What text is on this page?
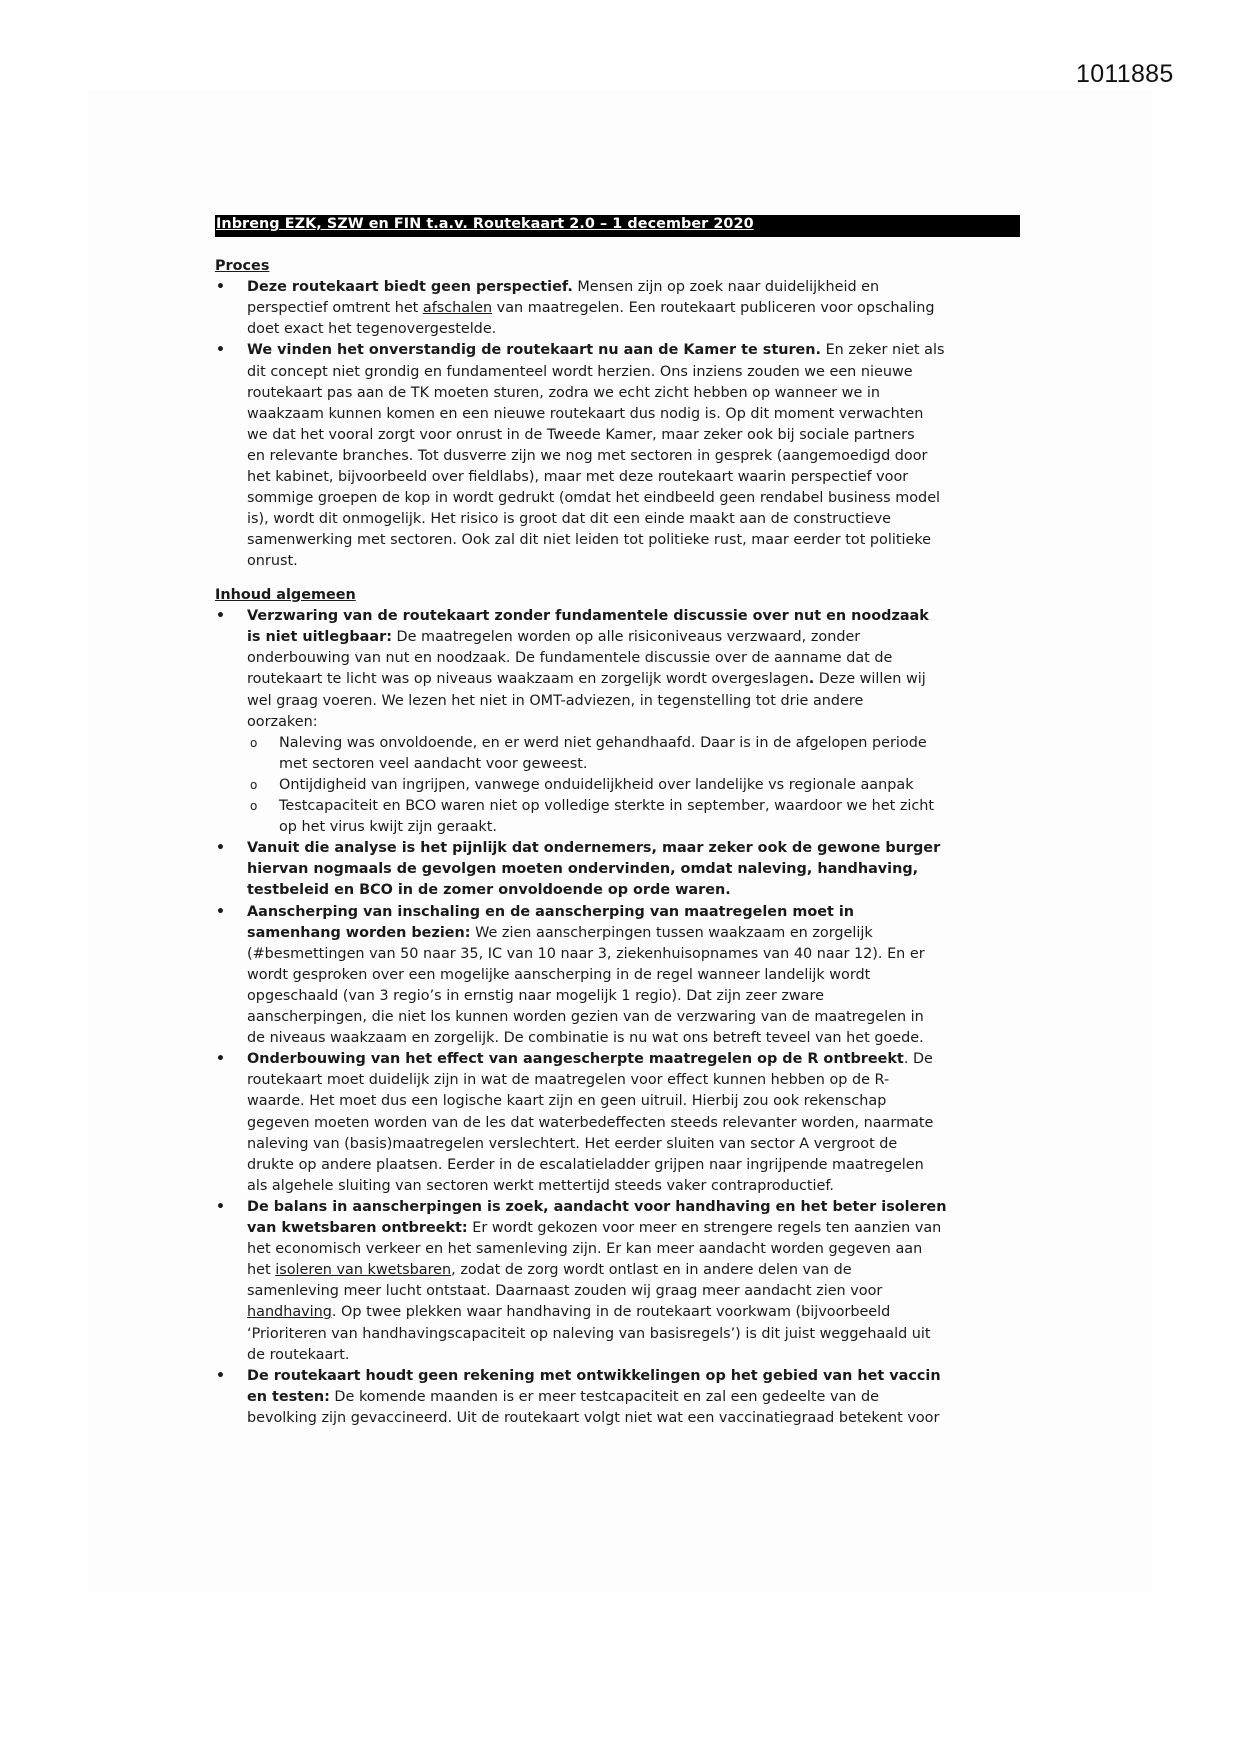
1011885
Inbreng EZK, SZW en FIN t.a.v. Routekaart 2.0 – 1 december 2020
Proces
• Deze routekaart biedt geen perspectief. Mensen zijn op zoek naar duidelijkheid en
perspectief omtrent het afschalen van maatregelen. Een routekaart publiceren voor opschaling
doet exact het tegenovergestelde.
• We vinden het onverstandig de routekaart nu aan de Kamer te sturen. En zeker niet als
dit concept niet grondig en fundamenteel wordt herzien. Ons inziens zouden we een nieuwe
routekaart pas aan de TK moeten sturen, zodra we echt zicht hebben op wanneer we in
waakzaam kunnen komen en een nieuwe routekaart dus nodig is. Op dit moment verwachten
we dat het vooral zorgt voor onrust in de Tweede Kamer, maar zeker ook bij sociale partners
en relevante branches. Tot dusverre zijn we nog met sectoren in gesprek (aangemoedigd door
het kabinet, bijvoorbeeld over fieldlabs), maar met deze routekaart waarin perspectief voor
sommige groepen de kop in wordt gedrukt (omdat het eindbeeld geen rendabel business model
is), wordt dit onmogelijk. Het risico is groot dat dit een einde maakt aan de constructieve
samenwerking met sectoren. Ook zal dit niet leiden tot politieke rust, maar eerder tot politieke
onrust.
Inhoud algemeen
• Verzwaring van de routekaart zonder fundamentele discussie over nut en noodzaak
is niet uitlegbaar: De maatregelen worden op alle risiconiveaus verzwaard, zonder
onderbouwing van nut en noodzaak. De fundamentele discussie over de aanname dat de
routekaart te licht was op niveaus waakzaam en zorgelijk wordt overgeslagen. Deze willen wij
wel graag voeren. We lezen het niet in OMT-adviezen, in tegenstelling tot drie andere
oorzaken:
o Naleving was onvoldoende, en er werd niet gehandhaafd. Daar is in de afgelopen periode
met sectoren veel aandacht voor geweest.
o Ontijdigheid van ingrijpen, vanwege onduidelijkheid over landelijke vs regionale aanpak
o Testcapaciteit en BCO waren niet op volledige sterkte in september, waardoor we het zicht
op het virus kwijt zijn geraakt.
• Vanuit die analyse is het pijnlijk dat ondernemers, maar zeker ook de gewone burger
hiervan nogmaals de gevolgen moeten ondervinden, omdat naleving, handhaving,
testbeleid en BCO in de zomer onvoldoende op orde waren.
• Aanscherping van inschaling en de aanscherping van maatregelen moet in
samenhang worden bezien: We zien aanscherpingen tussen waakzaam en zorgelijk
(#besmettingen van 50 naar 35, IC van 10 naar 3, ziekenhuisopnames van 40 naar 12). En er
wordt gesproken over een mogelijke aanscherping in de regel wanneer landelijk wordt
opgeschaald (van 3 regio’s in ernstig naar mogelijk 1 regio). Dat zijn zeer zware
aanscherpingen, die niet los kunnen worden gezien van de verzwaring van de maatregelen in
de niveaus waakzaam en zorgelijk. De combinatie is nu wat ons betreft teveel van het goede.
• Onderbouwing van het effect van aangescherpte maatregelen op de R ontbreekt. De
routekaart moet duidelijk zijn in wat de maatregelen voor effect kunnen hebben op de R-
waarde. Het moet dus een logische kaart zijn en geen uitruil. Hierbij zou ook rekenschap
gegeven moeten worden van de les dat waterbedeffecten steeds relevanter worden, naarmate
naleving van (basis)maatregelen verslechtert. Het eerder sluiten van sector A vergroot de
drukte op andere plaatsen. Eerder in de escalatieladder grijpen naar ingrijpende maatregelen
als algehele sluiting van sectoren werkt mettertijd steeds vaker contraproductief.
• De balans in aanscherpingen is zoek, aandacht voor handhaving en het beter isoleren
van kwetsbaren ontbreekt: Er wordt gekozen voor meer en strengere regels ten aanzien van
het economisch verkeer en het samenleving zijn. Er kan meer aandacht worden gegeven aan
het isoleren van kwetsbaren, zodat de zorg wordt ontlast en in andere delen van de
samenleving meer lucht ontstaat. Daarnaast zouden wij graag meer aandacht zien voor
handhaving. Op twee plekken waar handhaving in de routekaart voorkwam (bijvoorbeeld
‘Prioriteren van handhavingscapaciteit op naleving van basisregels’) is dit juist weggehaald uit
de routekaart.
• De routekaart houdt geen rekening met ontwikkelingen op het gebied van het vaccin
en testen: De komende maanden is er meer testcapaciteit en zal een gedeelte van de
bevolking zijn gevaccineerd. Uit de routekaart volgt niet wat een vaccinatiegraad betekent voor
